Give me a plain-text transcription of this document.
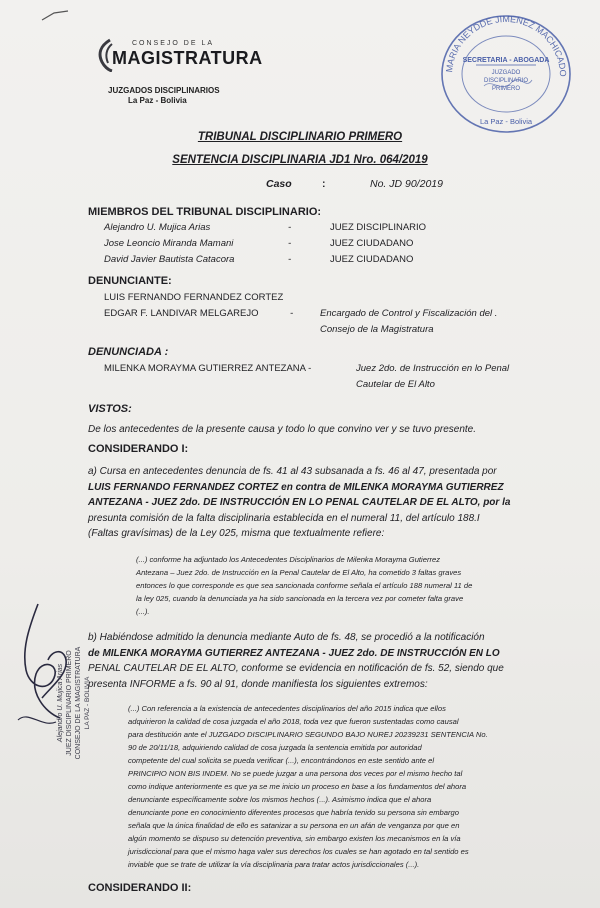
CONSEJO DE LA
MAGISTRATURA
JUZGADOS DISCIPLINARIOS
La Paz - Bolivia
MARIA NEYDDE JIMENEZ MACHICADO
SECRETARIA - ABOGADA
JUZGADO
DISCIPLINARIO
PRIMERO
La Paz - Bolivia
TRIBUNAL DISCIPLINARIO PRIMERO
SENTENCIA DISCIPLINARIA JD1 Nro. 064/2019
Caso	:	No. JD 90/2019
MIEMBROS DEL TRIBUNAL DISCIPLINARIO:
Alejandro U. Mujica Arias	-	JUEZ DISCIPLINARIO
Jose Leoncio Miranda Mamani	-	JUEZ CIUDADANO
David Javier Bautista Catacora	-	JUEZ CIUDADANO
DENUNCIANTE:
LUIS FERNANDO FERNANDEZ CORTEZ
EDGAR F. LANDIVAR MELGAREJO	-	Encargado de Control y Fiscalización del .
Consejo de la Magistratura
DENUNCIADA :
MILENKA MORAYMA GUTIERREZ ANTEZANA -	Juez 2do. de Instrucción en lo Penal
Cautelar de El Alto
VISTOS:
De los antecedentes de la presente causa y todo lo que convino ver y se tuvo presente.
CONSIDERANDO I:
a) Cursa en antecedentes denuncia de fs. 41 al 43 subsanada a fs. 46 al 47, presentada por
LUIS FERNANDO FERNANDEZ CORTEZ en contra de MILENKA MORAYMA GUTIERREZ
ANTEZANA - JUEZ 2do. DE INSTRUCCIÓN EN LO PENAL CAUTELAR DE EL ALTO, por la
presunta comisión de la falta disciplinaria establecida en el numeral 11, del artículo 188.I
(Faltas gravísimas) de la Ley 025, misma que textualmente refiere:
(...) conforme ha adjuntado los Antecedentes Disciplinarios de Milenka Morayma Gutierrez
Antezana – Juez 2do. de Instrucción en la Penal Cautelar de El Alto, ha cometido 3 faltas graves
entonces lo que corresponde es que sea sancionada conforme señala el artículo 188 numeral 11 de
la ley 025, cuando la denunciada ya ha sido sancionada en la tercera vez por cometer falta grave
(...).
b) Habiéndose admitido la denuncia mediante Auto de fs. 48, se procedió a la notificación
de MILENKA MORAYMA GUTIERREZ ANTEZANA - JUEZ 2do. DE INSTRUCCIÓN EN LO
PENAL CAUTELAR DE EL ALTO, conforme se evidencia en notificación de fs. 52, siendo que
presenta INFORME a fs. 90 al 91, donde manifiesta los siguientes extremos:
(...) Con referencia a la existencia de antecedentes disciplinarios del año 2015 indica que ellos
adquirieron la calidad de cosa juzgada el año 2018, toda vez que fueron sustentadas como causal
para destitución ante el JUZGADO DISCIPLINARIO SEGUNDO BAJO NUREJ 20239231 SENTENCIA No.
90 de 20/11/18, adquiriendo calidad de cosa juzgada la sentencia emitida por autoridad
competente del cual solicita se pueda verificar (...), encontrándonos en este sentido ante el
PRINCIPIO NON BIS INDEM. No se puede juzgar a una persona dos veces por el mismo hecho tal
como indique anteriormente es que ya se me inicio un proceso en base a los fundamentos del ahora
denunciante específicamente sobre los mismos hechos (...). Asimismo indica que el ahora
denunciante pone en conocimiento diferentes procesos que habría tenido su persona sin embargo
señala que la única finalidad de ello es satanizar a su persona en un afán de venganza por que en
algún momento se dispuso su detención preventiva, sin embargo existen los mecanismos en la vía
jurisdiccional para que el mismo haga valer sus derechos los cuales se han agotado en tal sentido es
inviable que se trate de utilizar la vía disciplinaria para tratar actos jurisdiccionales (...).
CONSIDERANDO II:
Alejandro U. Mujica Arias JUEZ DISCIPLINARIO PRIMERO CONSEJO DE LA MAGISTRATURA LA PAZ - BOLIVIA
